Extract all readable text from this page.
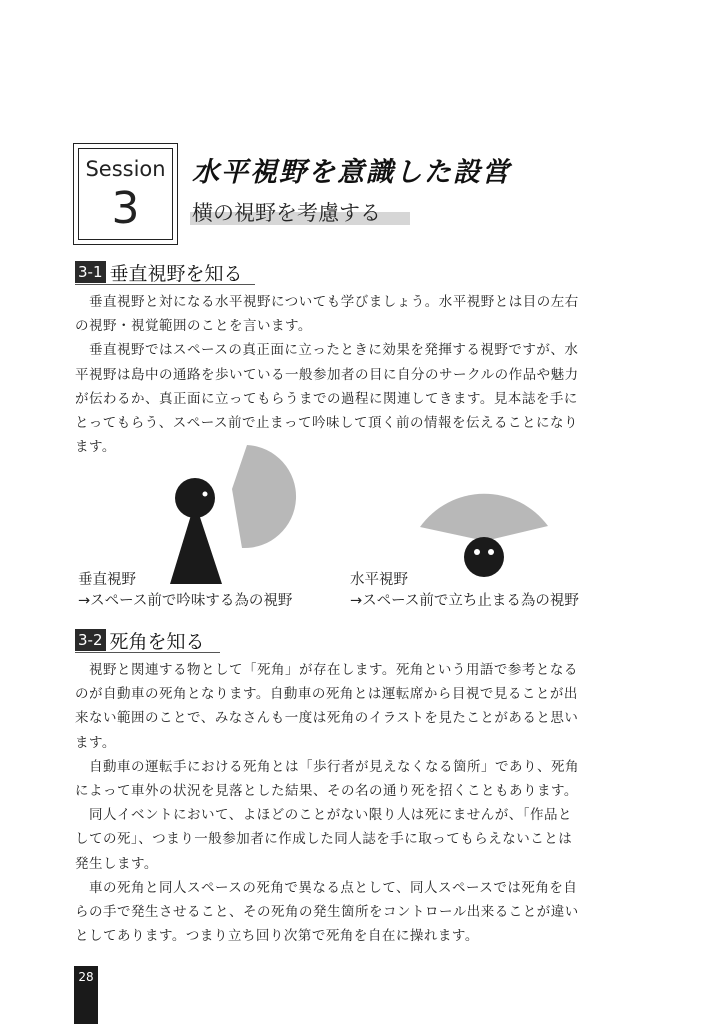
Session
3
水平視野を意識した設営
横の視野を考慮する
3-1 垂直視野を知る
　垂直視野と対になる水平視野についても学びましょう。水平視野とは目の左右
の視野・視覚範囲のことを言います。
　垂直視野ではスペースの真正面に立ったときに効果を発揮する視野ですが、水
平視野は島中の通路を歩いている一般参加者の目に自分のサークルの作品や魅力
が伝わるか、真正面に立ってもらうまでの過程に関連してきます。見本誌を手に
とってもらう、スペース前で止まって吟味して頂く前の情報を伝えることになり
ます。
垂直視野
→スペース前で吟味する為の視野
水平視野
→スペース前で立ち止まる為の視野
3-2 死角を知る
　視野と関連する物として「死角」が存在します。死角という用語で参考となる
のが自動車の死角となります。自動車の死角とは運転席から目視で見ることが出
来ない範囲のことで、みなさんも一度は死角のイラストを見たことがあると思い
ます。
　自動車の運転手における死角とは「歩行者が見えなくなる箇所」であり、死角
によって車外の状況を見落とした結果、その名の通り死を招くこともあります。
　同人イベントにおいて、よほどのことがない限り人は死にませんが、「作品と
しての死」、つまり一般参加者に作成した同人誌を手に取ってもらえないことは
発生します。
　車の死角と同人スペースの死角で異なる点として、同人スペースでは死角を自
らの手で発生させること、その死角の発生箇所をコントロール出来ることが違い
としてあります。つまり立ち回り次第で死角を自在に操れます。
28
